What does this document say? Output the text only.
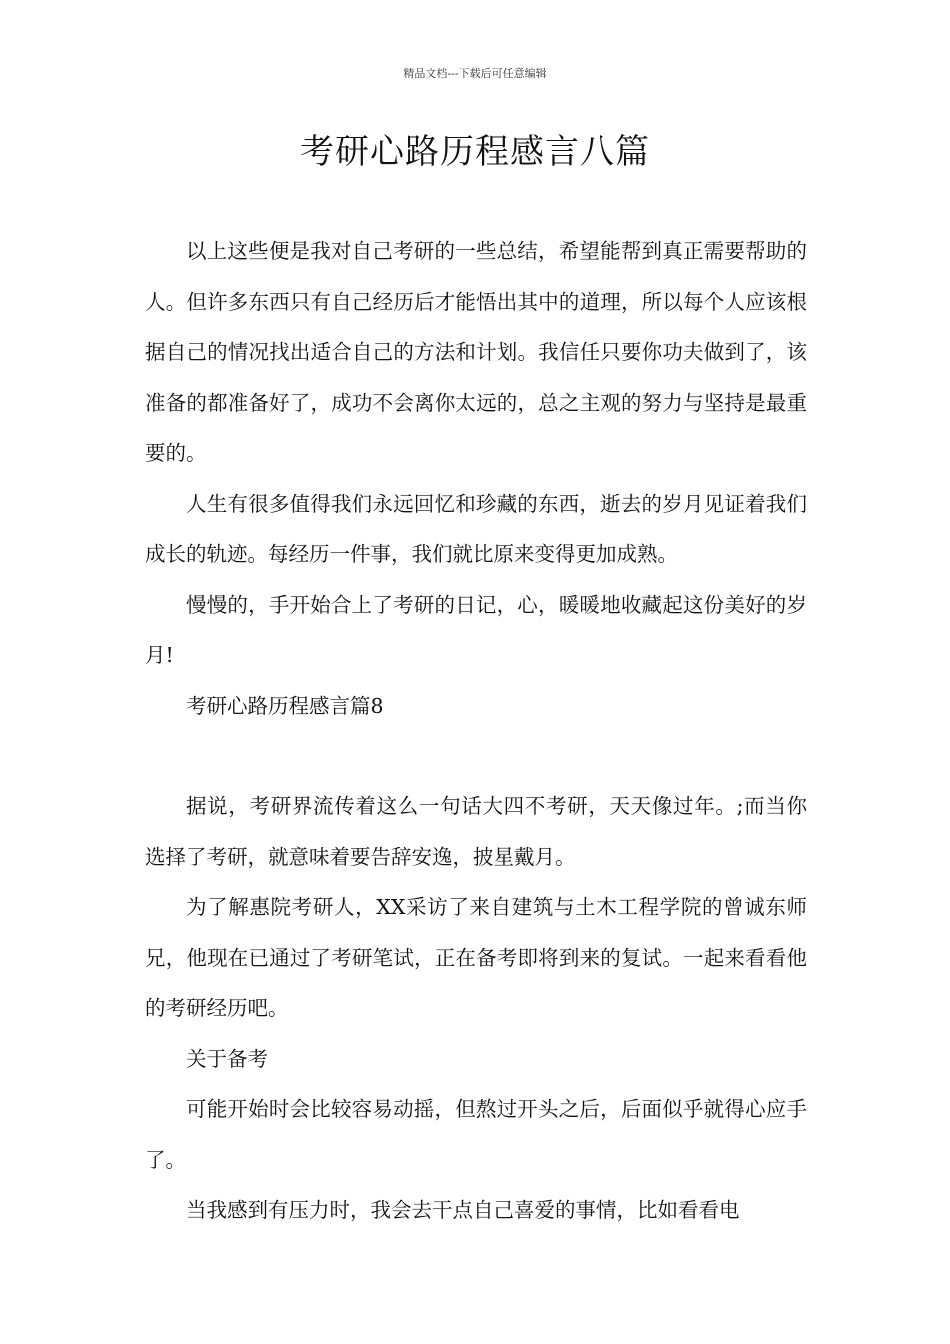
精品文档---下载后可任意编辑
考研心路历程感言八篇

以上这些便是我对自己考研的一些总结，希望能帮到真正需要帮助的人。但许多东西只有自己经历后才能悟出其中的道理，所以每个人应该根据自己的情况找出适合自己的方法和计划。我信任只要你功夫做到了，该准备的都准备好了，成功不会离你太远的，总之主观的努力与坚持是最重要的。

人生有很多值得我们永远回忆和珍藏的东西，逝去的岁月见证着我们成长的轨迹。每经历一件事，我们就比原来变得更加成熟。

慢慢的，手开始合上了考研的日记，心，暖暖地收藏起这份美好的岁月!

考研心路历程感言篇8

据说，考研界流传着这么一句话大四不考研，天天像过年。;而当你选择了考研，就意味着要告辞安逸，披星戴月。

为了解惠院考研人，XX采访了来自建筑与土木工程学院的曾诚东师兄，他现在已通过了考研笔试，正在备考即将到来的复试。一起来看看他的考研经历吧。

关于备考

可能开始时会比较容易动摇，但熬过开头之后，后面似乎就得心应手了。

当我感到有压力时，我会去干点自己喜爱的事情，比如看看电
